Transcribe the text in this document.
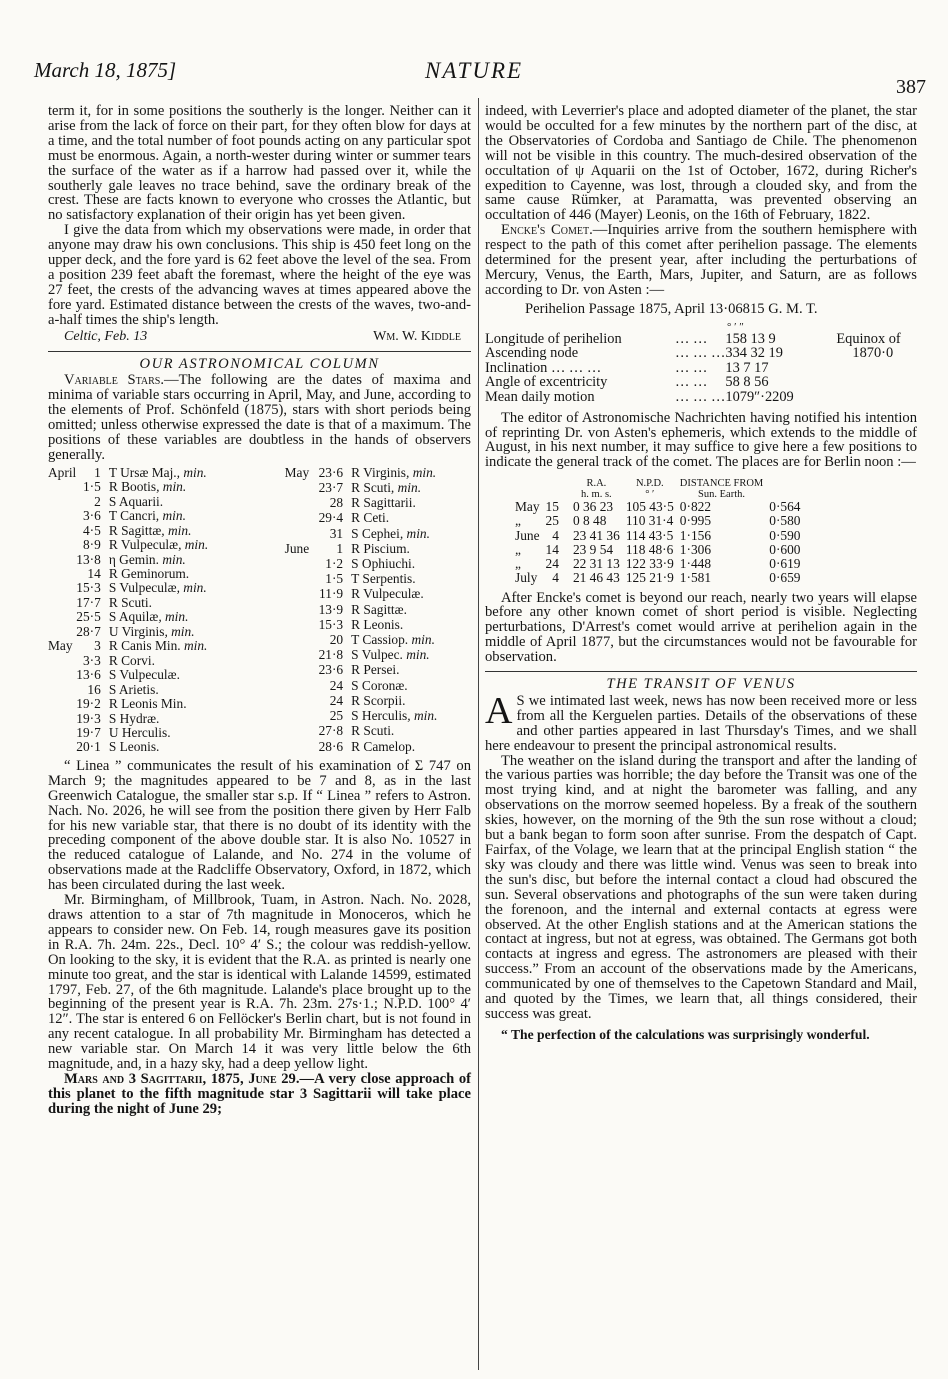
March 18, 1875]	NATURE
387

term it, for in some positions the southerly is the longer. Neither can it arise from the lack of force on their part, for they often blow for days at a time, and the total number of foot pounds acting on any particular spot must be enormous. Again, a north-wester during winter or summer tears the surface of the water as if a harrow had passed over it, while the southerly gale leaves no trace behind, save the ordinary break of the crest. These are facts known to everyone who crosses the Atlantic, but no satisfactory explanation of their origin has yet been given.

I give the data from which my observations were made, in order that anyone may draw his own conclusions. This ship is 450 feet long on the upper deck, and the fore yard is 62 feet above the level of the sea. From a position 239 feet abaft the foremast, where the height of the eye was 27 feet, the crests of the advancing waves at times appeared above the fore yard. Estimated distance between the crests of the waves, two-and-a-half times the ship's length.

Celtic, Feb. 13	Wm. W. Kiddle
OUR ASTRONOMICAL COLUMN

Variable Stars.—The following are the dates of maxima and minima of variable stars occurring in April, May, and June, according to the elements of Prof. Schönfeld (1875), stars with short periods being omitted; unless otherwise expressed the date is that of a maximum. The positions of these variables are doubtless in the hands of observers generally.

April	1	T Ursæ Maj., min.
	1·5	R Bootis, min.
	2	S Aquarii.
	3·6	T Cancri, min.
	4·5	R Sagittæ, min.
	8·9	R Vulpeculæ, min.
	13·8	η Gemin. min.
	14	R Geminorum.
	15·3	S Vulpeculæ, min.
	17·7	R Scuti.
	25·5	S Aquilæ, min.
	28·7	U Virginis, min.
May	3	R Canis Min. min.
	3·3	R Corvi.
	13·6	S Vulpeculæ.
	16	S Arietis.
	19·2	R Leonis Min.
	19·3	S Hydræ.
	19·7	U Herculis.
	20·1	S Leonis.
May	23·6	R Virginis, min.
	23·7	R Scuti, min.
	28	R Sagittarii.
	29·4	R Ceti.
	31	S Cephei, min.
June	1	R Piscium.
	1·2	S Ophiuchi.
	1·5	T Serpentis.
	11·9	R Vulpeculæ.
	13·9	R Sagittæ.
	15·3	R Leonis.
	20	T Cassiop. min.
	21·8	S Vulpec. min.
	23·6	R Persei.
	24	S Coronæ.
	24	R Scorpii.
	25	S Herculis, min.
	27·8	R Scuti.
	28·6	R Camelop.

“ Linea ” communicates the result of his examination of Σ 747 on March 9; the magnitudes appeared to be 7 and 8, as in the last Greenwich Catalogue, the smaller star s.p. If “ Linea ” refers to Astron. Nach. No. 2026, he will see from the position there given by Herr Falb for his new variable star, that there is no doubt of its identity with the preceding component of the above double star. It is also No. 10527 in the reduced catalogue of Lalande, and No. 274 in the volume of observations made at the Radcliffe Observatory, Oxford, in 1872, which has been circulated during the last week.

Mr. Birmingham, of Millbrook, Tuam, in Astron. Nach. No. 2028, draws attention to a star of 7th magnitude in Monoceros, which he appears to consider new. On Feb. 14, rough measures gave its position in R.A. 7h. 24m. 22s., Decl. 10° 4′ S.; the colour was reddish-yellow. On looking to the sky, it is evident that the R.A. as printed is nearly one minute too great, and the star is identical with Lalande 14599, estimated 1797, Feb. 27, of the 6th magnitude. Lalande's place brought up to the beginning of the present year is R.A. 7h. 23m. 27s·1.; N.P.D. 100° 4′ 12″. The star is entered 6 on Fellöcker's Berlin chart, but is not found in any recent catalogue. In all probability Mr. Birmingham has detected a new variable star. On March 14 it was very little below the 6th magnitude, and, in a hazy sky, had a deep yellow light.

Mars and 3 Sagittarii, 1875, June 29.—A very close approach of this planet to the fifth magnitude star 3 Sagittarii will take place during the night of June 29;

indeed, with Leverrier's place and adopted diameter of the planet, the star would be occulted for a few minutes by the northern part of the disc, at the Observatories of Cordoba and Santiago de Chile. The phenomenon will not be visible in this country. The much-desired observation of the occultation of ψ Aquarii on the 1st of October, 1672, during Richer's expedition to Cayenne, was lost, through a clouded sky, and from the same cause Rümker, at Paramatta, was prevented observing an occultation of 446 (Mayer) Leonis, on the 16th of February, 1822.

Encke's Comet.—Inquiries arrive from the southern hemisphere with respect to the path of this comet after perihelion passage. The elements determined for the present year, after including the perturbations of Mercury, Venus, the Earth, Mars, Jupiter, and Saturn, are as follows according to Dr. von Asten :—

Perihelion Passage 1875, April 13·06815 G. M. T.

° ′ ″
Longitude of perihelion	… …	158 13 9	Equinox of
Ascending node	… … …	334 32 19	1870·0
Inclination … … …	… …	13 7 17	
Angle of excentricity	… …	58 8 56	
Mean daily motion	… … …	1079″·2209	

The editor of Astronomische Nachrichten having notified his intention of reprinting Dr. von Asten's ephemeris, which extends to the middle of August, in his next number, it may suffice to give here a few positions to indicate the general track of the comet. The places are for Berlin noon :—

		R.A.	N.P.D.	DISTANCE FROM	
		h. m. s.	° ′	Sun. Earth.	
May	15	0 36 23	105 43·5	0·822	0·564
„	25	0 8 48	110 31·4	0·995	0·580
June	4	23 41 36	114 43·5	1·156	0·590
„	14	23 9 54	118 48·6	1·306	0·600
„	24	22 31 13	122 33·9	1·448	0·619
July	4	21 46 43	125 21·9	1·581	0·659

After Encke's comet is beyond our reach, nearly two years will elapse before any other known comet of short period is visible. Neglecting perturbations, D'Arrest's comet would arrive at perihelion again in the middle of April 1877, but the circumstances would not be favourable for observation.

THE TRANSIT OF VENUS

A S we intimated last week, news has now been received more or less from all the Kerguelen parties. Details of the observations of these and other parties appeared in last Thursday's Times, and we shall here endeavour to present the principal astronomical results.

The weather on the island during the transport and after the landing of the various parties was horrible; the day before the Transit was one of the most trying kind, and at night the barometer was falling, and any observations on the morrow seemed hopeless. By a freak of the southern skies, however, on the morning of the 9th the sun rose without a cloud; but a bank began to form soon after sunrise. From the despatch of Capt. Fairfax, of the Volage, we learn that at the principal English station “ the sky was cloudy and there was little wind. Venus was seen to break into the sun's disc, but before the internal contact a cloud had obscured the sun. Several observations and photographs of the sun were taken during the forenoon, and the internal and external contacts at egress were observed. At the other English stations and at the American stations the contact at ingress, but not at egress, was obtained. The Germans got both contacts at ingress and egress. The astronomers are pleased with their success.” From an account of the observations made by the Americans, communicated by one of themselves to the Capetown Standard and Mail, and quoted by the Times, we learn that, all things considered, their success was great.

“ The perfection of the calculations was surprisingly wonderful.
